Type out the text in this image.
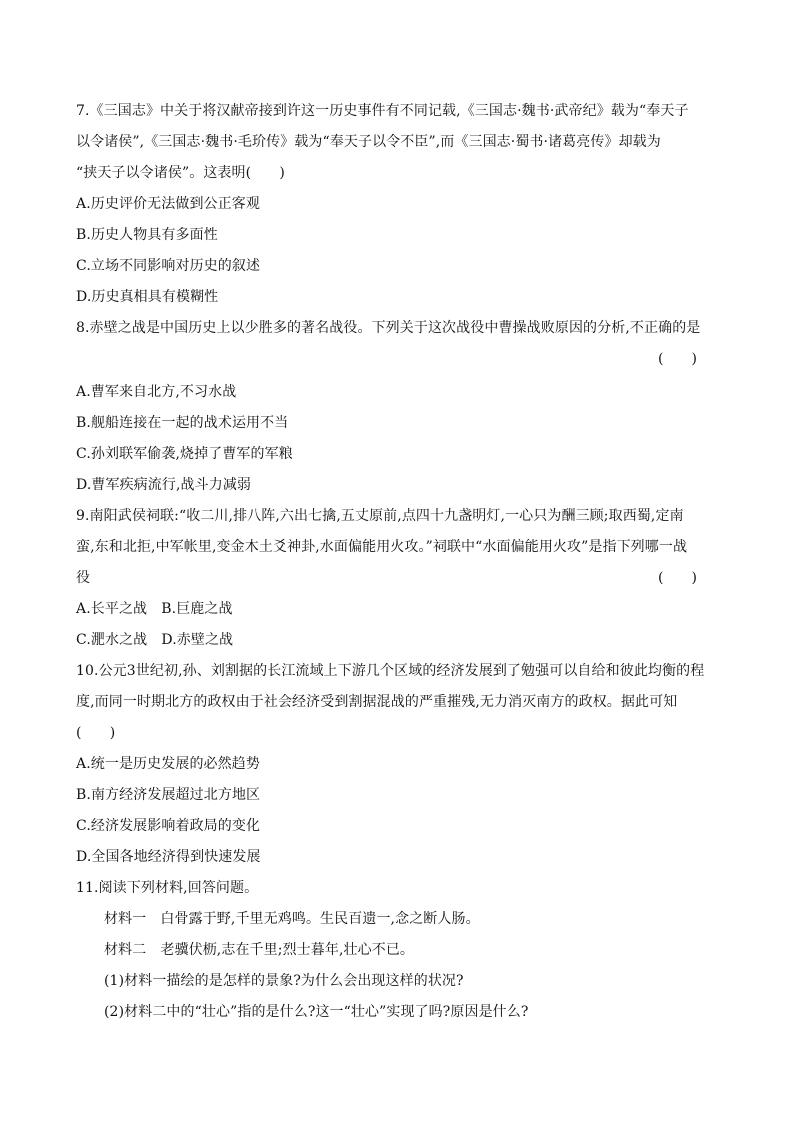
7.《三国志》中关于将汉献帝接到许这一历史事件有不同记载,《三国志·魏书·武帝纪》载为“奉天子
以令诸侯”,《三国志·魏书·毛玠传》载为“奉天子以令不臣”,而《三国志·蜀书·诸葛亮传》却载为
“挟天子以令诸侯”。这表明(　　)
A.历史评价无法做到公正客观
B.历史人物具有多面性
C.立场不同影响对历史的叙述
D.历史真相具有模糊性
8.赤壁之战是中国历史上以少胜多的著名战役。下列关于这次战役中曹操战败原因的分析,不正确的是
(　　)
A.曹军来自北方,不习水战
B.舰船连接在一起的战术运用不当
C.孙刘联军偷袭,烧掉了曹军的军粮
D.曹军疾病流行,战斗力减弱
9.南阳武侯祠联:“收二川,排八阵,六出七擒,五丈原前,点四十九盏明灯,一心只为酬三顾;取西蜀,定南
蛮,东和北拒,中军帐里,变金木土爻神卦,水面偏能用火攻。”祠联中“水面偏能用火攻”是指下列哪一战
役	(　　)
A.长平之战　B.巨鹿之战
C.淝水之战　D.赤壁之战
10.公元3世纪初,孙、刘割据的长江流域上下游几个区域的经济发展到了勉强可以自给和彼此均衡的程
度,而同一时期北方的政权由于社会经济受到割据混战的严重摧残,无力消灭南方的政权。据此可知
(　　)
A.统一是历史发展的必然趋势
B.南方经济发展超过北方地区
C.经济发展影响着政局的变化
D.全国各地经济得到快速发展
11.阅读下列材料,回答问题。
材料一　白骨露于野,千里无鸡鸣。生民百遗一,念之断人肠。
材料二　老骥伏枥,志在千里;烈士暮年,壮心不已。
(1)材料一描绘的是怎样的景象?为什么会出现这样的状况?
(2)材料二中的“壮心”指的是什么?这一“壮心”实现了吗?原因是什么?
